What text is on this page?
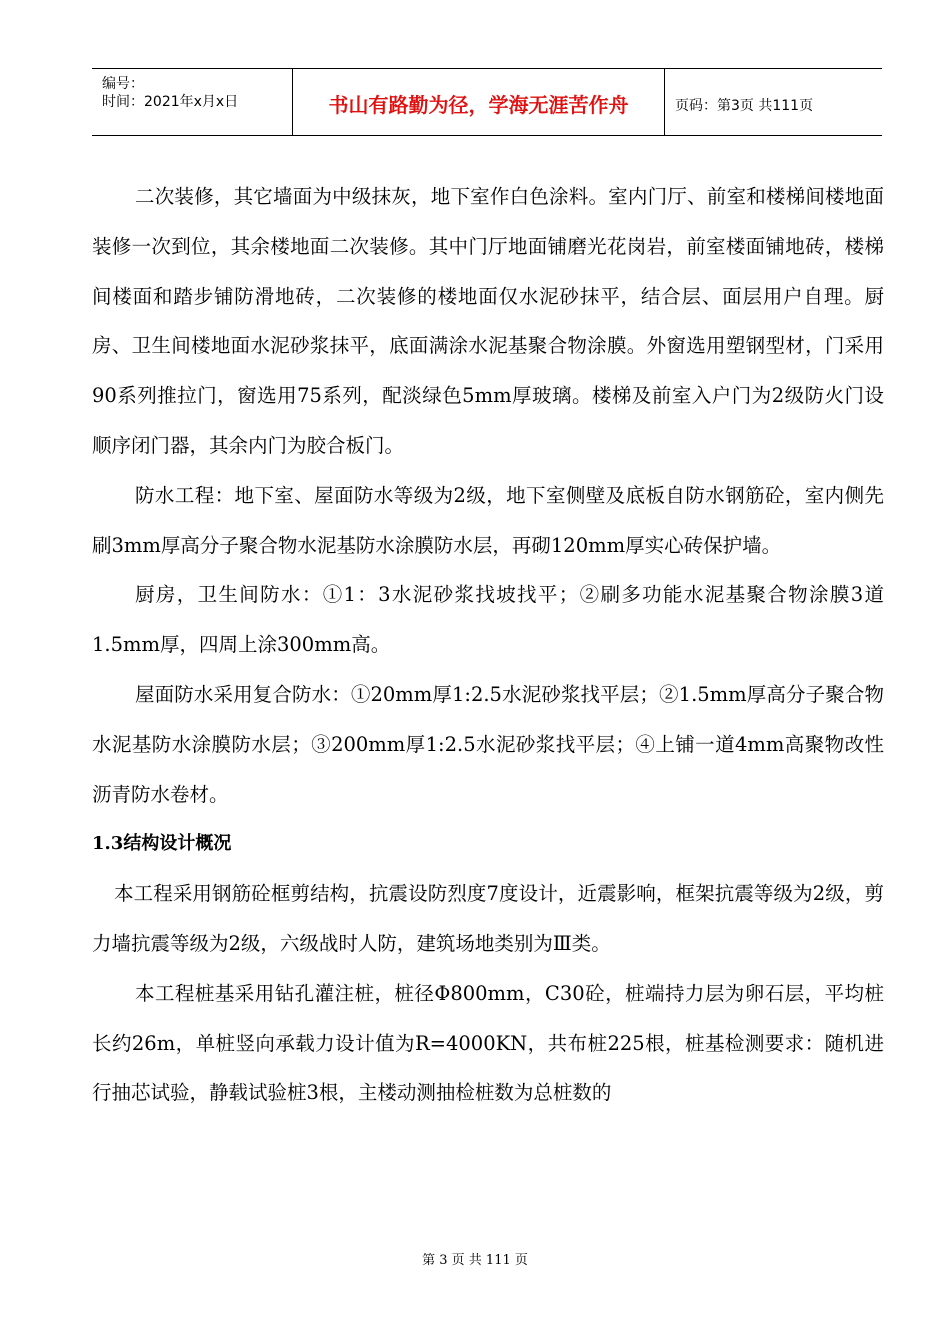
编号：
时间：2021年x月x日	书山有路勤为径，学海无涯苦作舟	页码：第3页 共111页

二次装修，其它墙面为中级抹灰，地下室作白色涂料。室内门厅、前室和楼梯间楼地面装修一次到位，其余楼地面二次装修。其中门厅地面铺磨光花岗岩，前室楼面铺地砖，楼梯间楼面和踏步铺防滑地砖，二次装修的楼地面仅水泥砂抹平，结合层、面层用户自理。厨房、卫生间楼地面水泥砂浆抹平，底面满涂水泥基聚合物涂膜。外窗选用塑钢型材，门采用90系列推拉门，窗选用75系列，配淡绿色5mm厚玻璃。楼梯及前室入户门为2级防火门设顺序闭门器，其余内门为胶合板门。

防水工程：地下室、屋面防水等级为2级，地下室侧壁及底板自防水钢筋砼，室内侧先刷3mm厚高分子聚合物水泥基防水涂膜防水层，再砌120mm厚实心砖保护墙。

厨房，卫生间防水：①1：3水泥砂浆找坡找平；②刷多功能水泥基聚合物涂膜3道1.5mm厚，四周上涂300mm高。

屋面防水采用复合防水：①20mm厚1:2.5水泥砂浆找平层；②1.5mm厚高分子聚合物水泥基防水涂膜防水层；③200mm厚1:2.5水泥砂浆找平层；④上铺一道4mm高聚物改性沥青防水卷材。

1.3结构设计概况

本工程采用钢筋砼框剪结构，抗震设防烈度7度设计，近震影响，框架抗震等级为2级，剪力墙抗震等级为2级，六级战时人防，建筑场地类别为Ⅲ类。

本工程桩基采用钻孔灌注桩，桩径Φ800mm，C30砼，桩端持力层为卵石层，平均桩长约26m，单桩竖向承载力设计值为R=4000KN，共布桩225根，桩基检测要求：随机进行抽芯试验，静载试验桩3根，主楼动测抽检桩数为总桩数的

第 3 页 共 111 页
